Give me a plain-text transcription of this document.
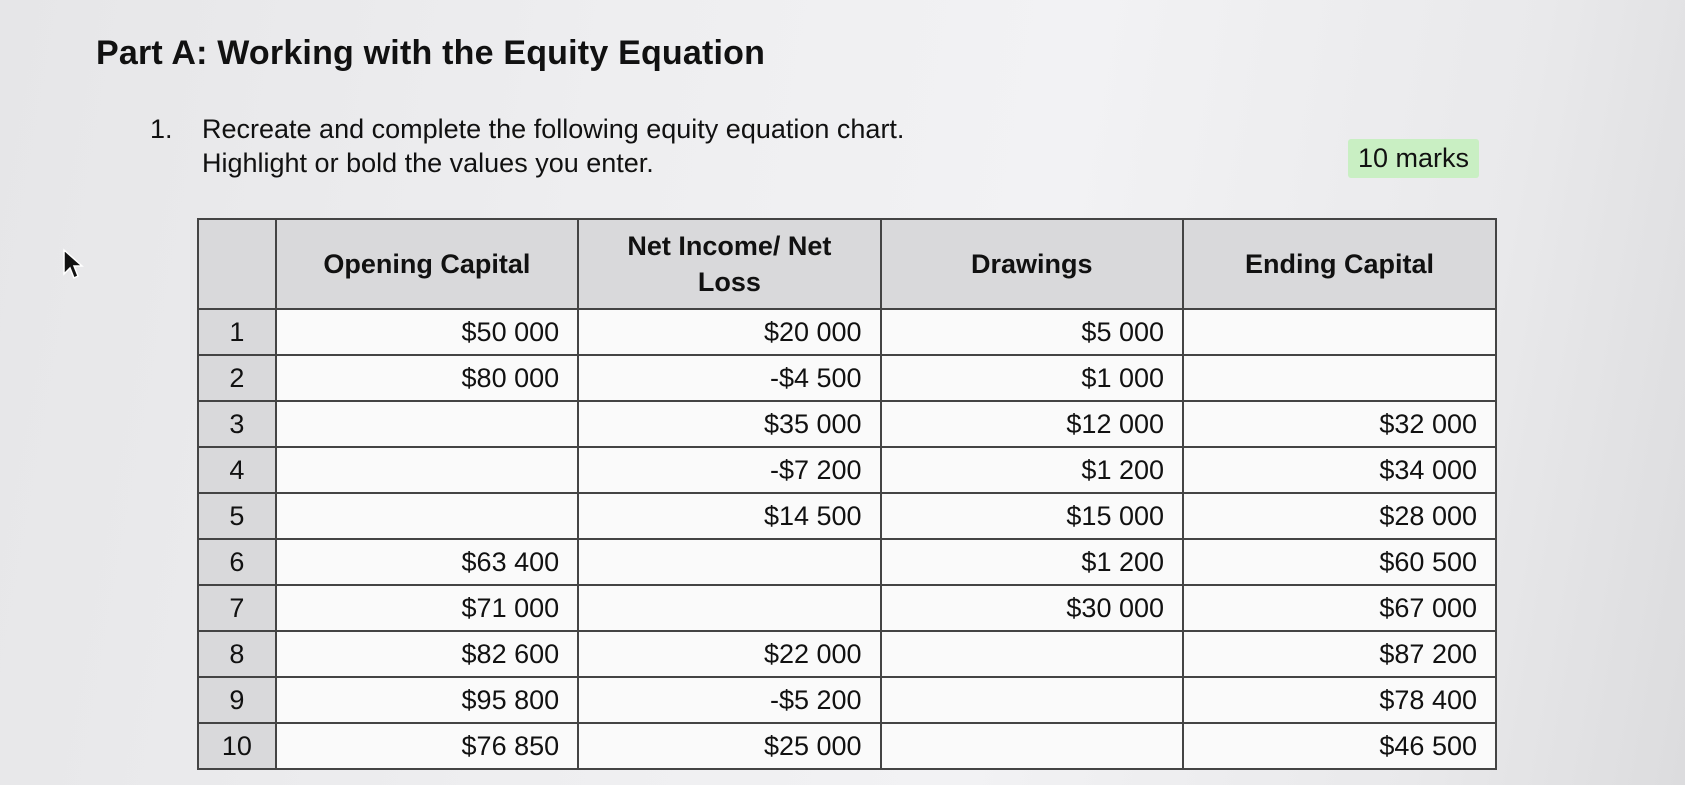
Part A: Working with the Equity Equation
1.	Recreate and complete the following equity equation chart.
Highlight or bold the values you enter.	10 marks
	Opening Capital	Net Income/ Net Loss	Drawings	Ending Capital
1	$50 000	$20 000	$5 000	
2	$80 000	-$4 500	$1 000	
3		$35 000	$12 000	$32 000
4		-$7 200	$1 200	$34 000
5		$14 500	$15 000	$28 000
6	$63 400		$1 200	$60 500
7	$71 000		$30 000	$67 000
8	$82 600	$22 000		$87 200
9	$95 800	-$5 200		$78 400
10	$76 850	$25 000		$46 500
